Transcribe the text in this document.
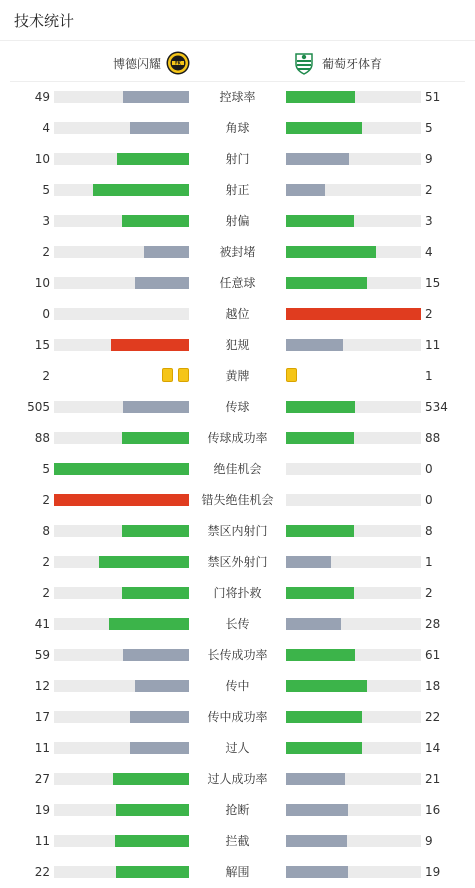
技术统计
博德闪耀	FK	葡萄牙体育
49	控球率	51
4	角球	5
10	射门	9
5	射正	2
3	射偏	3
2	被封堵	4
10	任意球	15
0	越位	2
15	犯规	11
2	黄牌	1
505	传球	534
88	传球成功率	88
5	绝佳机会	0
2	错失绝佳机会	0
8	禁区内射门	8
2	禁区外射门	1
2	门将扑救	2
41	长传	28
59	长传成功率	61
12	传中	18
17	传中成功率	22
11	过人	14
27	过人成功率	21
19	抢断	16
11	拦截	9
22	解围	19
